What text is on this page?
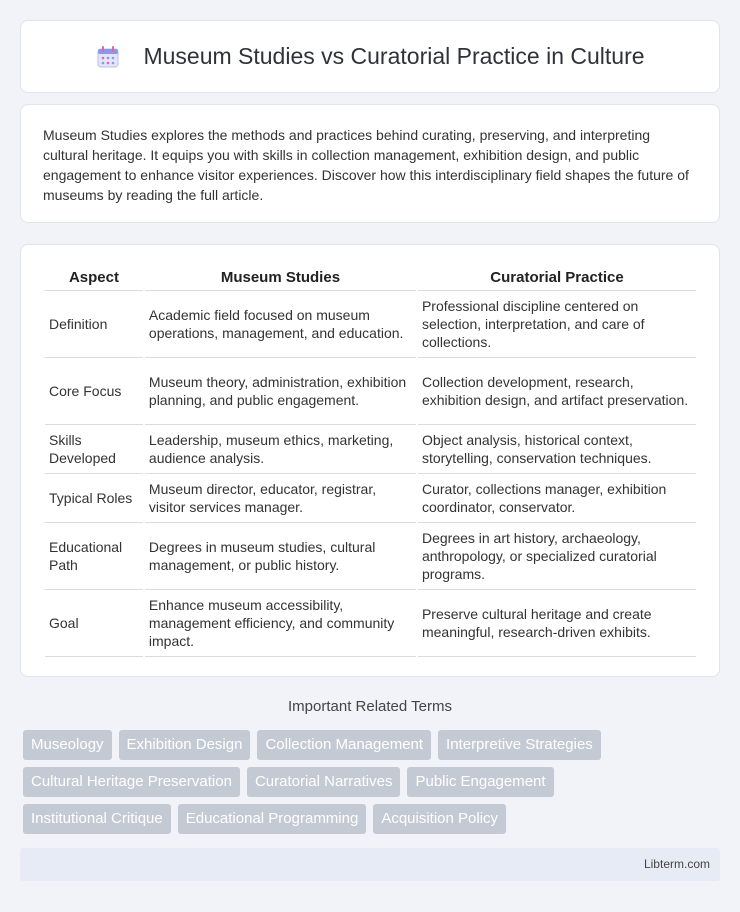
Museum Studies vs Curatorial Practice in Culture

Museum Studies explores the methods and practices behind curating, preserving, and interpreting cultural heritage. It equips you with skills in collection management, exhibition design, and public engagement to enhance visitor experiences. Discover how this interdisciplinary field shapes the future of museums by reading the full article.

Aspect	Museum Studies	Curatorial Practice
Definition	Academic field focused on museum operations, management, and education.	Professional discipline centered on selection, interpretation, and care of collections.
Core Focus	Museum theory, administration, exhibition planning, and public engagement.	Collection development, research, exhibition design, and artifact preservation.
Skills Developed	Leadership, museum ethics, marketing, audience analysis.	Object analysis, historical context, storytelling, conservation techniques.
Typical Roles	Museum director, educator, registrar, visitor services manager.	Curator, collections manager, exhibition coordinator, conservator.
Educational Path	Degrees in museum studies, cultural management, or public history.	Degrees in art history, archaeology, anthropology, or specialized curatorial programs.
Goal	Enhance museum accessibility, management efficiency, and community impact.	Preserve cultural heritage and create meaningful, research-driven exhibits.
Important Related Terms
Museology	Exhibition Design	Collection Management	Interpretive Strategies
Cultural Heritage Preservation	Curatorial Narratives	Public Engagement
Institutional Critique	Educational Programming	Acquisition Policy
Libterm.com
